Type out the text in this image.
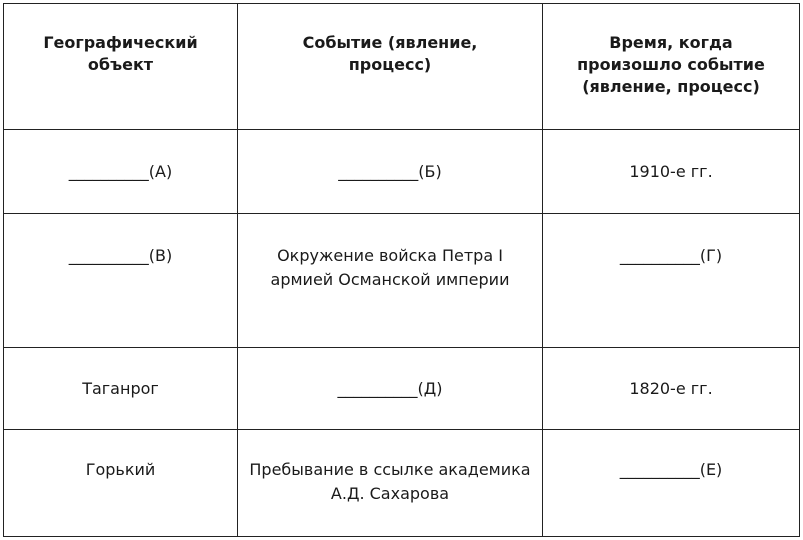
Географический объект	Событие (явление, процесс)	Время, когда произошло событие (явление, процесс)
__________(А)	__________(Б)	1910-е гг.
__________(В)	Окружение войска Петра I армией Османской империи	__________(Г)
Таганрог	__________(Д)	1820-е гг.
Горький	Пребывание в ссылке академика А.Д. Сахарова	__________(Е)
